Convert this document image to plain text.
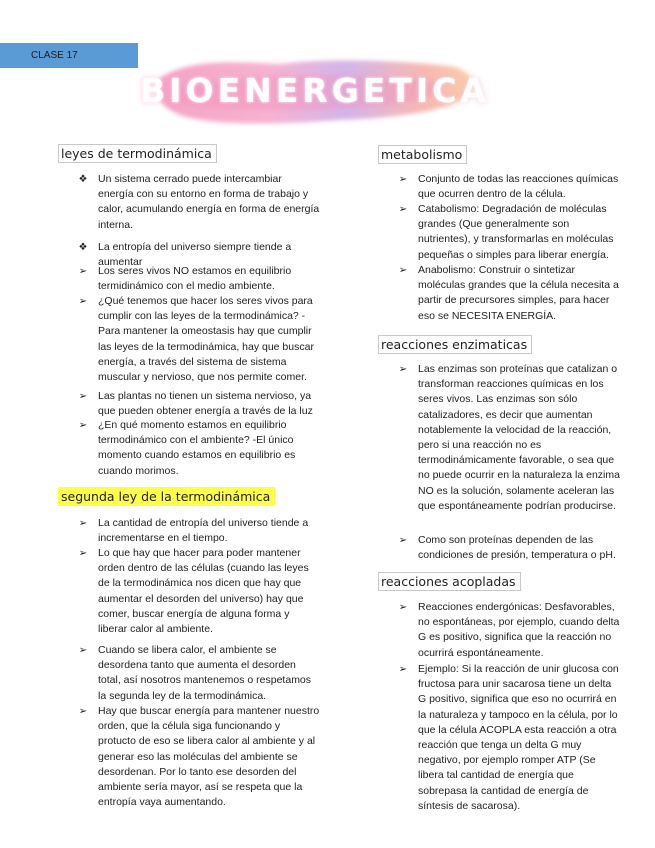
CLASE 17
BIOENERGETICA
leyes de termodinámica
❖ Un sistema cerrado puede intercambiar energía con su entorno en forma de trabajo y calor, acumulando energía en forma de energía interna.
❖ La entropía del universo siempre tiende a aumentar
➢ Los seres vivos NO estamos en equilibrio termidinámico con el medio ambiente.
➢ ¿Qué tenemos que hacer los seres vivos para cumplir con las leyes de la termodinámica? -Para mantener la omeostasis hay que cumplir las leyes de la termodinámica, hay que buscar energía, a través del sistema de sistema muscular y nervioso, que nos permite comer.
➢ Las plantas no tienen un sistema nervioso, ya que pueden obtener energía a través de la luz
➢ ¿En qué momento estamos en equilibrio termodinámico con el ambiente? -El único momento cuando estamos en equilibrio es cuando morimos.
segunda ley de la termodinámica
➢ La cantidad de entropía del universo tiende a incrementarse en el tiempo.
➢ Lo que hay que hacer para poder mantener orden dentro de las células (cuando las leyes de la termodinámica nos dicen que hay que aumentar el desorden del universo) hay que comer, buscar energía de alguna forma y liberar calor al ambiente.
➢ Cuando se libera calor, el ambiente se desordena tanto que aumenta el desorden total, así nosotros mantenemos o respetamos la segunda ley de la termodinámica.
➢ Hay que buscar energía para mantener nuestro orden, que la célula siga funcionando y protucto de eso se libera calor al ambiente y al generar eso las moléculas del ambiente se desordenan. Por lo tanto ese desorden del ambiente sería mayor, así se respeta que la entropía vaya aumentando.
metabolismo
➢ Conjunto de todas las reacciones químicas que ocurren dentro de la célula.
➢ Catabolismo: Degradación de moléculas grandes (Que generalmente son nutrientes), y transformarlas en moléculas pequeñas o simples para liberar energía.
➢ Anabolismo: Construir o sintetizar moléculas grandes que la célula necesita a partir de precursores simples, para hacer eso se NECESITA ENERGÍA.
reacciones enzimaticas
➢ Las enzimas son proteínas que catalizan o transforman reacciones químicas en los seres vivos. Las enzimas son sólo catalizadores, es decir que aumentan notablemente la velocidad de la reacción, pero si una reacción no es termodinámicamente favorable, o sea que no puede ocurrir en la naturaleza la enzima NO es la solución, solamente aceleran las que espontáneamente podrían producirse.
➢ Como son proteínas dependen de las condiciones de presión, temperatura o pH.
reacciones acopladas
➢ Reacciones endergónicas: Desfavorables, no espontáneas, por ejemplo, cuando delta G es positivo, significa que la reacción no ocurrirá espontáneamente.
➢ Ejemplo: Si la reacción de unir glucosa con fructosa para unir sacarosa tiene un delta G positivo, significa que eso no ocurrirá en la naturaleza y tampoco en la célula, por lo que la célula ACOPLA esta reacción a otra reacción que tenga un delta G muy negativo, por ejemplo romper ATP (Se libera tal cantidad de energía que sobrepasa la cantidad de energía de síntesis de sacarosa).
